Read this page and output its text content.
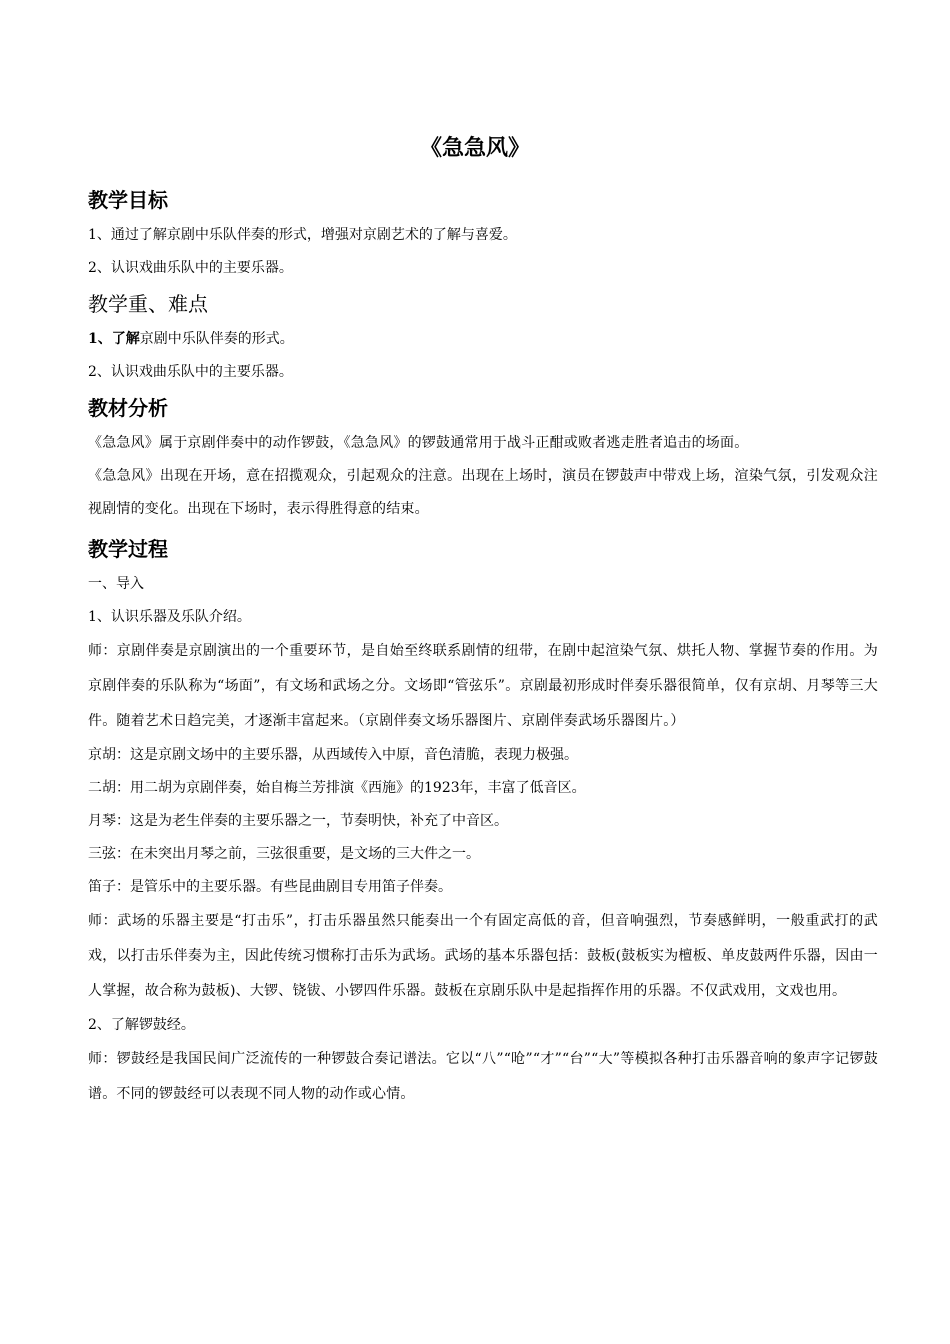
《急急风》
教学目标
1、通过了解京剧中乐队伴奏的形式，增强对京剧艺术的了解与喜爱。
2、认识戏曲乐队中的主要乐器。
教学重、难点
1、了解京剧中乐队伴奏的形式。
2、认识戏曲乐队中的主要乐器。
教材分析
《急急风》属于京剧伴奏中的动作锣鼓，《急急风》的锣鼓通常用于战斗正酣或败者逃走胜者追击的场面。
《急急风》出现在开场，意在招揽观众，引起观众的注意。出现在上场时，演员在锣鼓声中带戏上场，渲染气氛，引发观众注视剧情的变化。出现在下场时，表示得胜得意的结束。
教学过程
一、导入
1、认识乐器及乐队介绍。
师：京剧伴奏是京剧演出的一个重要环节，是自始至终联系剧情的纽带，在剧中起渲染气氛、烘托人物、掌握节奏的作用。为京剧伴奏的乐队称为“场面”，有文场和武场之分。文场即“管弦乐”。京剧最初形成时伴奏乐器很简单，仅有京胡、月琴等三大件。随着艺术日趋完美，才逐渐丰富起来。（京剧伴奏文场乐器图片、京剧伴奏武场乐器图片。）
京胡：这是京剧文场中的主要乐器，从西域传入中原，音色清脆，表现力极强。
二胡：用二胡为京剧伴奏，始自梅兰芳排演《西施》的1923年，丰富了低音区。
月琴：这是为老生伴奏的主要乐器之一，节奏明快，补充了中音区。
三弦：在未突出月琴之前，三弦很重要，是文场的三大件之一。
笛子：是管乐中的主要乐器。有些昆曲剧目专用笛子伴奏。
师：武场的乐器主要是“打击乐”，打击乐器虽然只能奏出一个有固定高低的音，但音响强烈，节奏感鲜明，一般重武打的武戏，以打击乐伴奏为主，因此传统习惯称打击乐为武场。武场的基本乐器包括：鼓板(鼓板实为檀板、单皮鼓两件乐器，因由一人掌握，故合称为鼓板)、大锣、铙钹、小锣四件乐器。鼓板在京剧乐队中是起指挥作用的乐器。不仅武戏用，文戏也用。
2、了解锣鼓经。
师：锣鼓经是我国民间广泛流传的一种锣鼓合奏记谱法。它以“八”“呛”“才”“台”“大”等模拟各种打击乐器音响的象声字记锣鼓谱。不同的锣鼓经可以表现不同人物的动作或心情。
